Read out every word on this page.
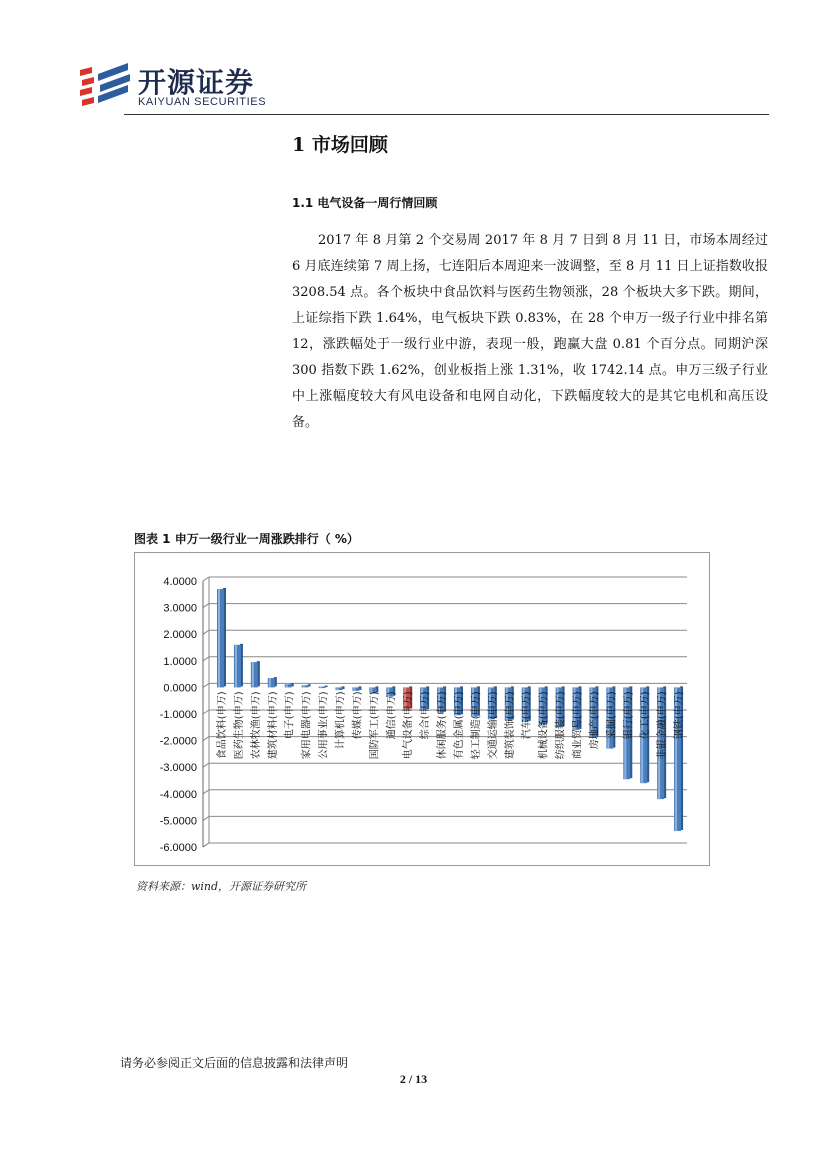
开源证券
KAIYUAN SECURITIES
1 市场回顾
1.1 电气设备一周行情回顾
2017 年 8 月第 2 个交易周 2017 年 8 月 7 日到 8 月 11 日，市场本周经过 6 月底连续第 7 周上扬，七连阳后本周迎来一波调整，至 8 月 11 日上证指数收报 3208.54 点。各个板块中食品饮料与医药生物领涨，28 个板块大多下跌。期间，上证综指下跌 1.64%，电气板块下跌 0.83%，在 28 个申万一级子行业中排名第 12，涨跌幅处于一级行业中游，表现一般，跑赢大盘 0.81 个百分点。同期沪深 300 指数下跌 1.62%，创业板指上涨 1.31%，收 1742.14 点。申万三级子行业中上涨幅度较大有风电设备和电网自动化，下跌幅度较大的是其它电机和高压设备。
图表 1 申万一级行业一周涨跌排行（ %）
4.0000
3.0000
2.0000
1.0000
0.0000
-1.0000
-2.0000
-3.0000
-4.0000
-5.0000
-6.0000
食品饮料(申万) 医药生物(申万) 农林牧渔(申万) 建筑材料(申万) 电子(申万) 家用电器(申万) 公用事业(申万) 计算机(申万) 传媒(申万) 国防军工(申万) 通信(申万) 电气设备(申万) 综合(申万) 休闲服务(申万) 有色金属(申万) 轻工制造(申万) 交通运输(申万) 建筑装饰(申万) 汽车(申万) 机械设备(申万) 纺织服装(申万) 商业贸易(申万) 房地产(申万) 采掘(申万) 银行(申万) 化工(申万) 非银金融(申万) 钢铁(申万)
资料来源：wind，开源证券研究所
请务必参阅正文后面的信息披露和法律声明
2 / 13
